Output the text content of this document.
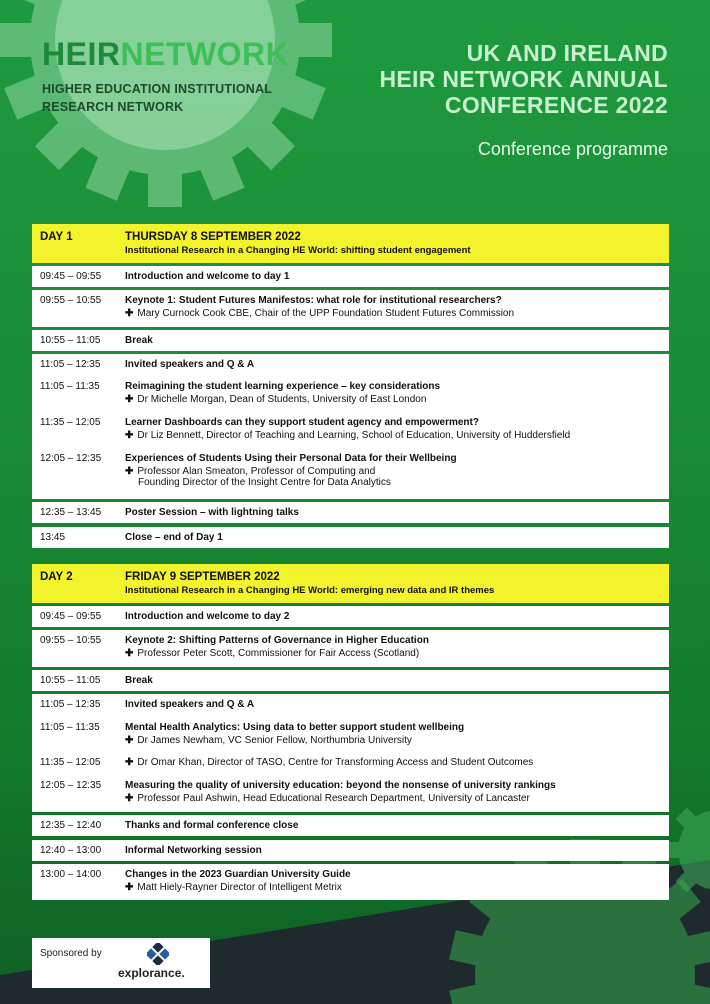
HEIRNETWORK
HIGHER EDUCATION INSTITUTIONAL
RESEARCH NETWORK
UK AND IRELAND
HEIR NETWORK ANNUAL
CONFERENCE 2022
Conference programme
DAY 1	THURSDAY 8 SEPTEMBER 2022
Institutional Research in a Changing HE World: shifting student engagement
09:45 – 09:55 Introduction and welcome to day 1
09:55 – 10:55 Keynote 1: Student Futures Manifestos: what role for institutional researchers?
✚ Mary Curnock Cook CBE, Chair of the UPP Foundation Student Futures Commission
10:55 – 11:05 Break
11:05 – 12:35 Invited speakers and Q & A
11:05 – 11:35	Reimagining the student learning experience – key considerations
✚ Dr Michelle Morgan, Dean of Students, University of East London
11:35 – 12:05 Learner Dashboards can they support student agency and empowerment?
✚ Dr Liz Bennett, Director of Teaching and Learning, School of Education, University of Huddersfield
12:05 – 12:35 Experiences of Students Using their Personal Data for their Wellbeing
✚ Professor Alan Smeaton, Professor of Computing and
Founding Director of the Insight Centre for Data Analytics
12:35 – 13:45 Poster Session – with lightning talks
13:45	Close – end of Day 1
DAY 2	FRIDAY 9 SEPTEMBER 2022
Institutional Research in a Changing HE World: emerging new data and IR themes
09:45 – 09:55 Introduction and welcome to day 2
09:55 – 10:55 Keynote 2: Shifting Patterns of Governance in Higher Education
✚ Professor Peter Scott, Commissioner for Fair Access (Scotland)
10:55 – 11:05 Break
11:05 – 12:35 Invited speakers and Q & A
11:05 – 11:35	Mental Health Analytics: Using data to better support student wellbeing
✚ Dr James Newham, VC Senior Fellow, Northumbria University
11:35 – 12:05 ✚ Dr Omar Khan, Director of TASO, Centre for Transforming Access and Student Outcomes
12:05 – 12:35 Measuring the quality of university education: beyond the nonsense of university rankings
✚ Professor Paul Ashwin, Head Educational Research Department, University of Lancaster
12:35 – 12:40 Thanks and formal conference close
12:40 – 13:00 Informal Networking session
13:00 – 14:00 Changes in the 2023 Guardian University Guide
✚ Matt Hiely-Rayner Director of Intelligent Metrix
Sponsored by
explorance.
